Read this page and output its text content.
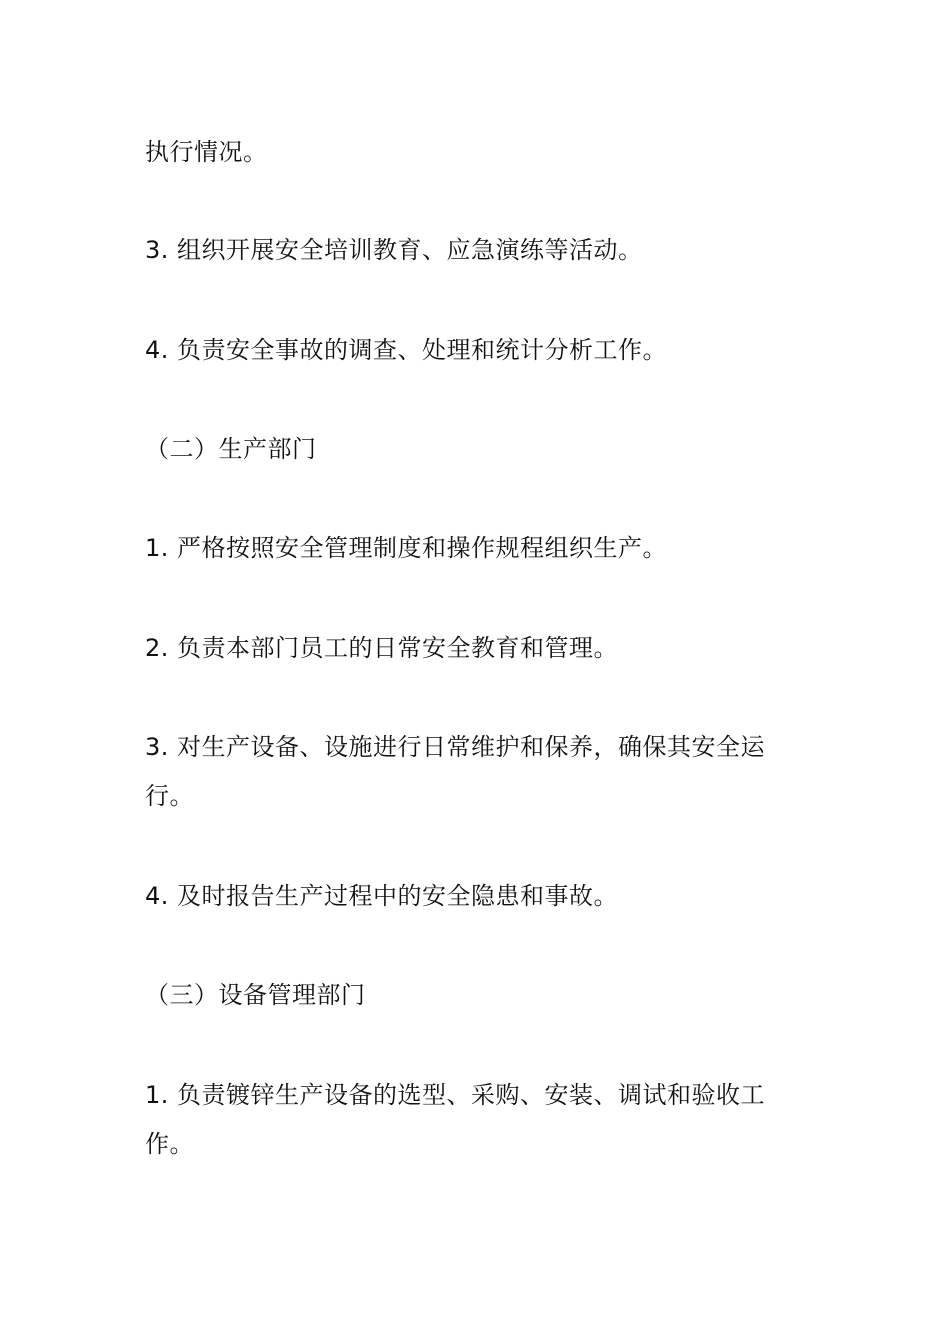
执行情况。

3. 组织开展安全培训教育、应急演练等活动。

4. 负责安全事故的调查、处理和统计分析工作。

（二）生产部门

1. 严格按照安全管理制度和操作规程组织生产。

2. 负责本部门员工的日常安全教育和管理。

3. 对生产设备、设施进行日常维护和保养，确保其安全运行。

4. 及时报告生产过程中的安全隐患和事故。

（三）设备管理部门

1. 负责镀锌生产设备的选型、采购、安装、调试和验收工作。
